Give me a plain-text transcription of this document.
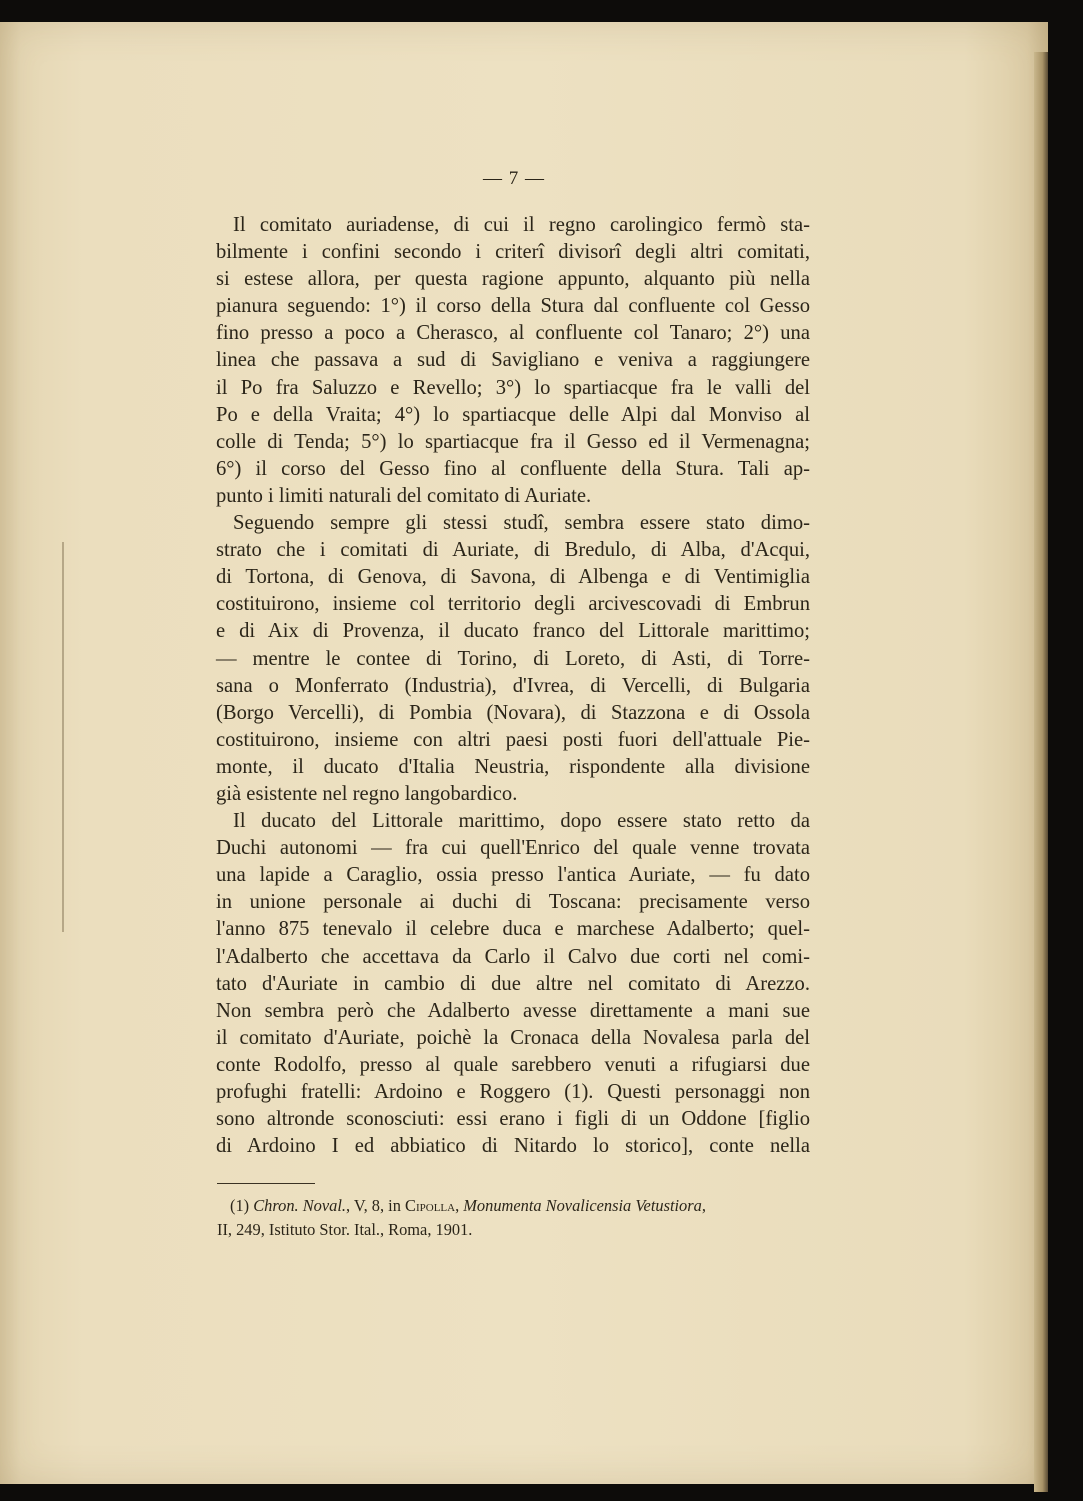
— 7 —
Il comitato auriadense, di cui il regno carolingico fermò sta-
bilmente i confini secondo i criterî divisorî degli altri comitati,
si estese allora, per questa ragione appunto, alquanto più nella
pianura seguendo: 1°) il corso della Stura dal confluente col Gesso
fino presso a poco a Cherasco, al confluente col Tanaro; 2°) una
linea che passava a sud di Savigliano e veniva a raggiungere
il Po fra Saluzzo e Revello; 3°) lo spartiacque fra le valli del
Po e della Vraita; 4°) lo spartiacque delle Alpi dal Monviso al
colle di Tenda; 5°) lo spartiacque fra il Gesso ed il Vermenagna;
6°) il corso del Gesso fino al confluente della Stura. Tali ap-
punto i limiti naturali del comitato di Auriate.
Seguendo sempre gli stessi studî, sembra essere stato dimo-
strato che i comitati di Auriate, di Bredulo, di Alba, d'Acqui,
di Tortona, di Genova, di Savona, di Albenga e di Ventimiglia
costituirono, insieme col territorio degli arcivescovadi di Embrun
e di Aix di Provenza, il ducato franco del Littorale marittimo;
— mentre le contee di Torino, di Loreto, di Asti, di Torre-
sana o Monferrato (Industria), d'Ivrea, di Vercelli, di Bulgaria
(Borgo Vercelli), di Pombia (Novara), di Stazzona e di Ossola
costituirono, insieme con altri paesi posti fuori dell'attuale Pie-
monte, il ducato d'Italia Neustria, rispondente alla divisione
già esistente nel regno langobardico.
Il ducato del Littorale marittimo, dopo essere stato retto da
Duchi autonomi — fra cui quell'Enrico del quale venne trovata
una lapide a Caraglio, ossia presso l'antica Auriate, — fu dato
in unione personale ai duchi di Toscana: precisamente verso
l'anno 875 tenevalo il celebre duca e marchese Adalberto; quel-
l'Adalberto che accettava da Carlo il Calvo due corti nel comi-
tato d'Auriate in cambio di due altre nel comitato di Arezzo.
Non sembra però che Adalberto avesse direttamente a mani sue
il comitato d'Auriate, poichè la Cronaca della Novalesa parla del
conte Rodolfo, presso al quale sarebbero venuti a rifugiarsi due
profughi fratelli: Ardoino e Roggero (1). Questi personaggi non
sono altronde sconosciuti: essi erano i figli di un Oddone [figlio
di Ardoino I ed abbiatico di Nitardo lo storico], conte nella
(1) Chron. Noval., V, 8, in Cipolla, Monumenta Novalicensia Vetustiora,
II, 249, Istituto Stor. Ital., Roma, 1901.
